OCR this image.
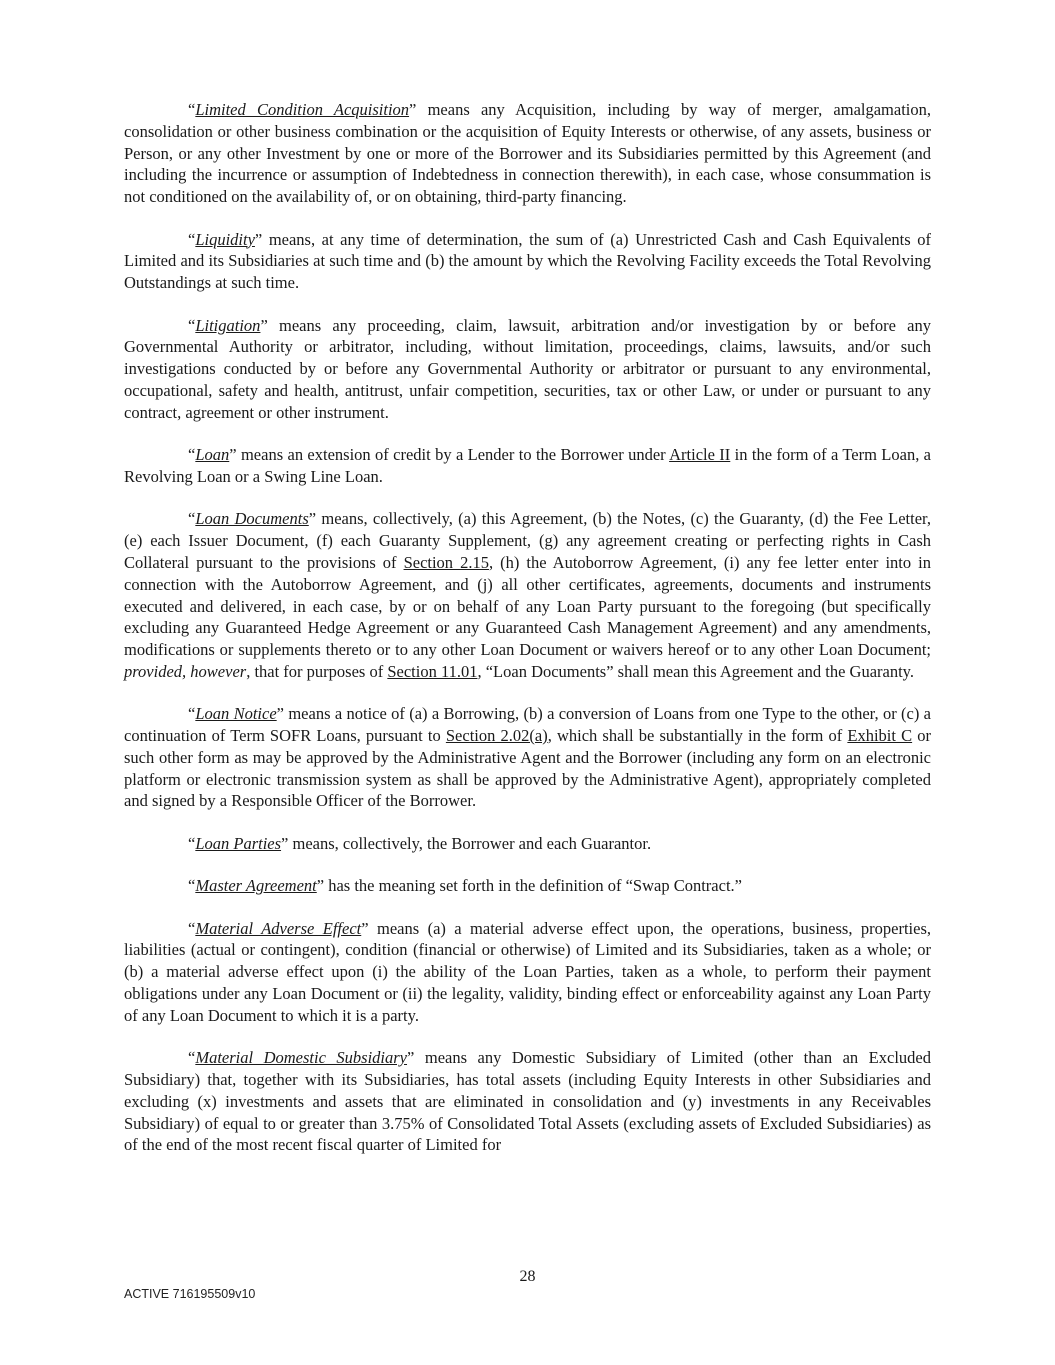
“Limited Condition Acquisition” means any Acquisition, including by way of merger, amalgamation, consolidation or other business combination or the acquisition of Equity Interests or otherwise, of any assets, business or Person, or any other Investment by one or more of the Borrower and its Subsidiaries permitted by this Agreement (and including the incurrence or assumption of Indebtedness in connection therewith), in each case, whose consummation is not conditioned on the availability of, or on obtaining, third-party financing.

“Liquidity” means, at any time of determination, the sum of (a) Unrestricted Cash and Cash Equivalents of Limited and its Subsidiaries at such time and (b) the amount by which the Revolving Facility exceeds the Total Revolving Outstandings at such time.

“Litigation” means any proceeding, claim, lawsuit, arbitration and/or investigation by or before any Governmental Authority or arbitrator, including, without limitation, proceedings, claims, lawsuits, and/or such investigations conducted by or before any Governmental Authority or arbitrator or pursuant to any environmental, occupational, safety and health, antitrust, unfair competition, securities, tax or other Law, or under or pursuant to any contract, agreement or other instrument.

“Loan” means an extension of credit by a Lender to the Borrower under Article II in the form of a Term Loan, a Revolving Loan or a Swing Line Loan.

“Loan Documents” means, collectively, (a) this Agreement, (b) the Notes, (c) the Guaranty, (d) the Fee Letter, (e) each Issuer Document, (f) each Guaranty Supplement, (g) any agreement creating or perfecting rights in Cash Collateral pursuant to the provisions of Section 2.15, (h) the Autoborrow Agreement, (i) any fee letter enter into in connection with the Autoborrow Agreement, and (j) all other certificates, agreements, documents and instruments executed and delivered, in each case, by or on behalf of any Loan Party pursuant to the foregoing (but specifically excluding any Guaranteed Hedge Agreement or any Guaranteed Cash Management Agreement) and any amendments, modifications or supplements thereto or to any other Loan Document or waivers hereof or to any other Loan Document; provided, however, that for purposes of Section 11.01, “Loan Documents” shall mean this Agreement and the Guaranty.

“Loan Notice” means a notice of (a) a Borrowing, (b) a conversion of Loans from one Type to the other, or (c) a continuation of Term SOFR Loans, pursuant to Section 2.02(a), which shall be substantially in the form of Exhibit C or such other form as may be approved by the Administrative Agent and the Borrower (including any form on an electronic platform or electronic transmission system as shall be approved by the Administrative Agent), appropriately completed and signed by a Responsible Officer of the Borrower.

“Loan Parties” means, collectively, the Borrower and each Guarantor.

“Master Agreement” has the meaning set forth in the definition of “Swap Contract.”

“Material Adverse Effect” means (a) a material adverse effect upon, the operations, business, properties, liabilities (actual or contingent), condition (financial or otherwise) of Limited and its Subsidiaries, taken as a whole; or (b) a material adverse effect upon (i) the ability of the Loan Parties, taken as a whole, to perform their payment obligations under any Loan Document or (ii) the legality, validity, binding effect or enforceability against any Loan Party of any Loan Document to which it is a party.

“Material Domestic Subsidiary” means any Domestic Subsidiary of Limited (other than an Excluded Subsidiary) that, together with its Subsidiaries, has total assets (including Equity Interests in other Subsidiaries and excluding (x) investments and assets that are eliminated in consolidation and (y) investments in any Receivables Subsidiary) of equal to or greater than 3.75% of Consolidated Total Assets (excluding assets of Excluded Subsidiaries) as of the end of the most recent fiscal quarter of Limited for

28
ACTIVE 716195509v10
